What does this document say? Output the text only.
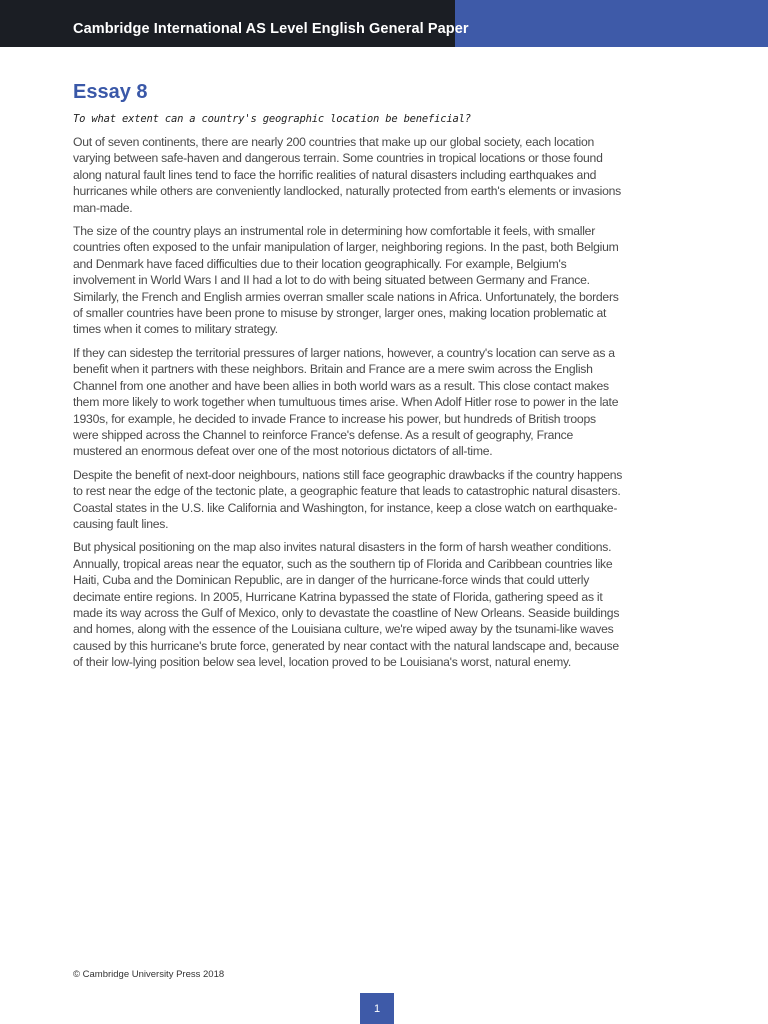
Cambridge International AS Level English General Paper
Essay 8
To what extent can a country's geographic location be beneficial?

Out of seven continents, there are nearly 200 countries that make up our global society, each location varying between safe-haven and dangerous terrain. Some countries in tropical locations or those found along natural fault lines tend to face the horrific realities of natural disasters including earthquakes and hurricanes while others are conveniently landlocked, naturally protected from earth's elements or invasions man-made.

The size of the country plays an instrumental role in determining how comfortable it feels, with smaller countries often exposed to the unfair manipulation of larger, neighboring regions. In the past, both Belgium and Denmark have faced difficulties due to their location geographically. For example, Belgium's involvement in World Wars I and II had a lot to do with being situated between Germany and France. Similarly, the French and English armies overran smaller scale nations in Africa. Unfortunately, the borders of smaller countries have been prone to misuse by stronger, larger ones, making location problematic at times when it comes to military strategy.

If they can sidestep the territorial pressures of larger nations, however, a country's location can serve as a benefit when it partners with these neighbors. Britain and France are a mere swim across the English Channel from one another and have been allies in both world wars as a result. This close contact makes them more likely to work together when tumultuous times arise. When Adolf Hitler rose to power in the late 1930s, for example, he decided to invade France to increase his power, but hundreds of British troops were shipped across the Channel to reinforce France's defense. As a result of geography, France mustered an enormous defeat over one of the most notorious dictators of all-time.

Despite the benefit of next-door neighbours, nations still face geographic drawbacks if the country happens to rest near the edge of the tectonic plate, a geographic feature that leads to catastrophic natural disasters. Coastal states in the U.S. like California and Washington, for instance, keep a close watch on earthquake-causing fault lines.

But physical positioning on the map also invites natural disasters in the form of harsh weather conditions. Annually, tropical areas near the equator, such as the southern tip of Florida and Caribbean countries like Haiti, Cuba and the Dominican Republic, are in danger of the hurricane-force winds that could utterly decimate entire regions. In 2005, Hurricane Katrina bypassed the state of Florida, gathering speed as it made its way across the Gulf of Mexico, only to devastate the coastline of New Orleans. Seaside buildings and homes, along with the essence of the Louisiana culture, we're wiped away by the tsunami-like waves caused by this hurricane's brute force, generated by near contact with the natural landscape and, because of their low-lying position below sea level, location proved to be Louisiana's worst, natural enemy.

© Cambridge University Press 2018
1
